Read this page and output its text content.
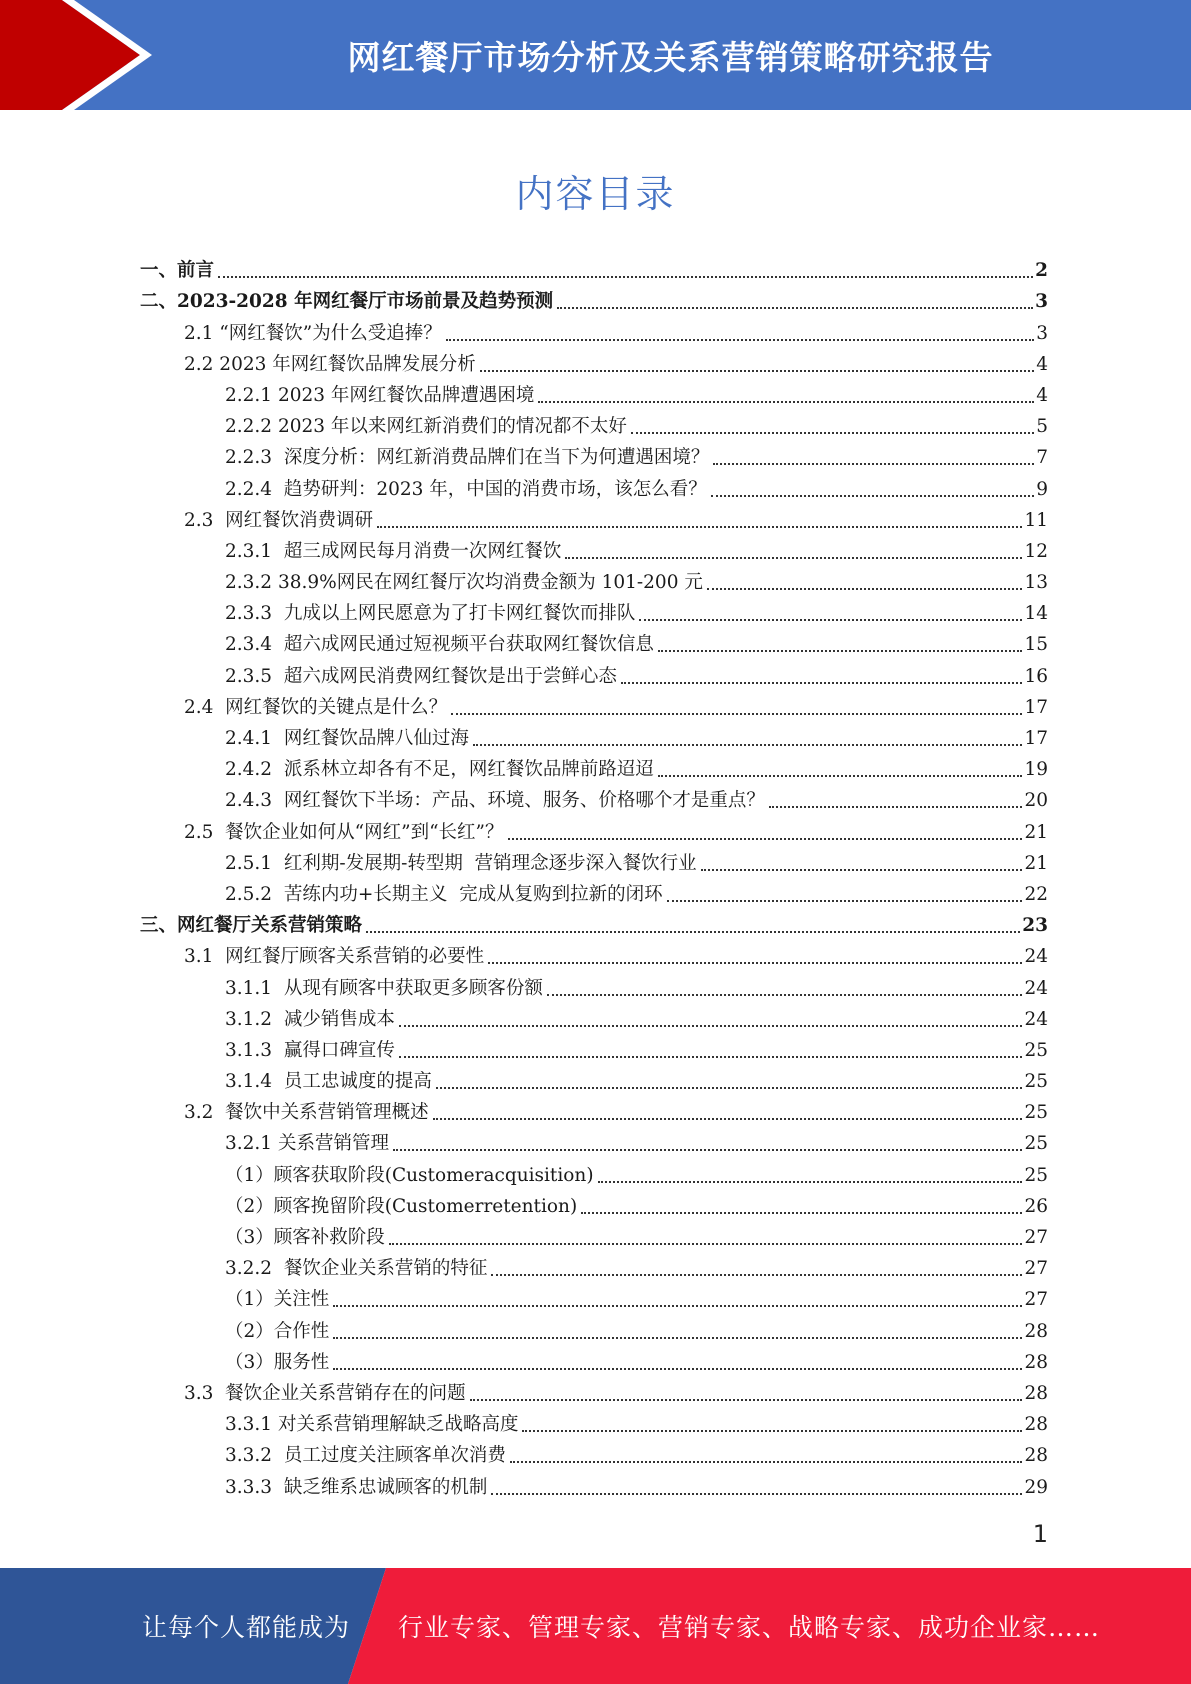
网红餐厅市场分析及关系营销策略研究报告
内容目录
一、前言	2
二、2023-2028 年网红餐厅市场前景及趋势预测	3
2.1 “网红餐饮”为什么受追捧？	3
2.2 2023 年网红餐饮品牌发展分析	4
2.2.1 2023 年网红餐饮品牌遭遇困境	4
2.2.2 2023 年以来网红新消费们的情况都不太好	5
2.2.3  深度分析：网红新消费品牌们在当下为何遭遇困境？	7
2.2.4  趋势研判：2023 年，中国的消费市场，该怎么看？	9
2.3  网红餐饮消费调研	11
2.3.1  超三成网民每月消费一次网红餐饮	12
2.3.2 38.9%网民在网红餐厅次均消费金额为 101-200 元	13
2.3.3  九成以上网民愿意为了打卡网红餐饮而排队	14
2.3.4  超六成网民通过短视频平台获取网红餐饮信息	15
2.3.5  超六成网民消费网红餐饮是出于尝鲜心态	16
2.4  网红餐饮的关键点是什么？	17
2.4.1  网红餐饮品牌八仙过海	17
2.4.2  派系林立却各有不足，网红餐饮品牌前路迢迢	19
2.4.3  网红餐饮下半场：产品、环境、服务、价格哪个才是重点？	20
2.5  餐饮企业如何从“网红”到“长红”？	21
2.5.1  红利期-发展期-转型期  营销理念逐步深入餐饮行业	21
2.5.2  苦练内功+长期主义  完成从复购到拉新的闭环	22
三、网红餐厅关系营销策略	23
3.1  网红餐厅顾客关系营销的必要性	24
3.1.1  从现有顾客中获取更多顾客份额	24
3.1.2  减少销售成本	24
3.1.3  赢得口碑宣传	25
3.1.4  员工忠诚度的提高	25
3.2  餐饮中关系营销管理概述	25
3.2.1 关系营销管理	25
（1）顾客获取阶段(Customeracquisition)	25
（2）顾客挽留阶段(Customerretention)	26
（3）顾客补救阶段	27
3.2.2  餐饮企业关系营销的特征	27
（1）关注性	27
（2）合作性	28
（3）服务性	28
3.3  餐饮企业关系营销存在的问题	28
3.3.1 对关系营销理解缺乏战略高度	28
3.3.2  员工过度关注顾客单次消费	28
3.3.3  缺乏维系忠诚顾客的机制	29
1
让每个人都能成为 行业专家、管理专家、营销专家、战略专家、成功企业家……
